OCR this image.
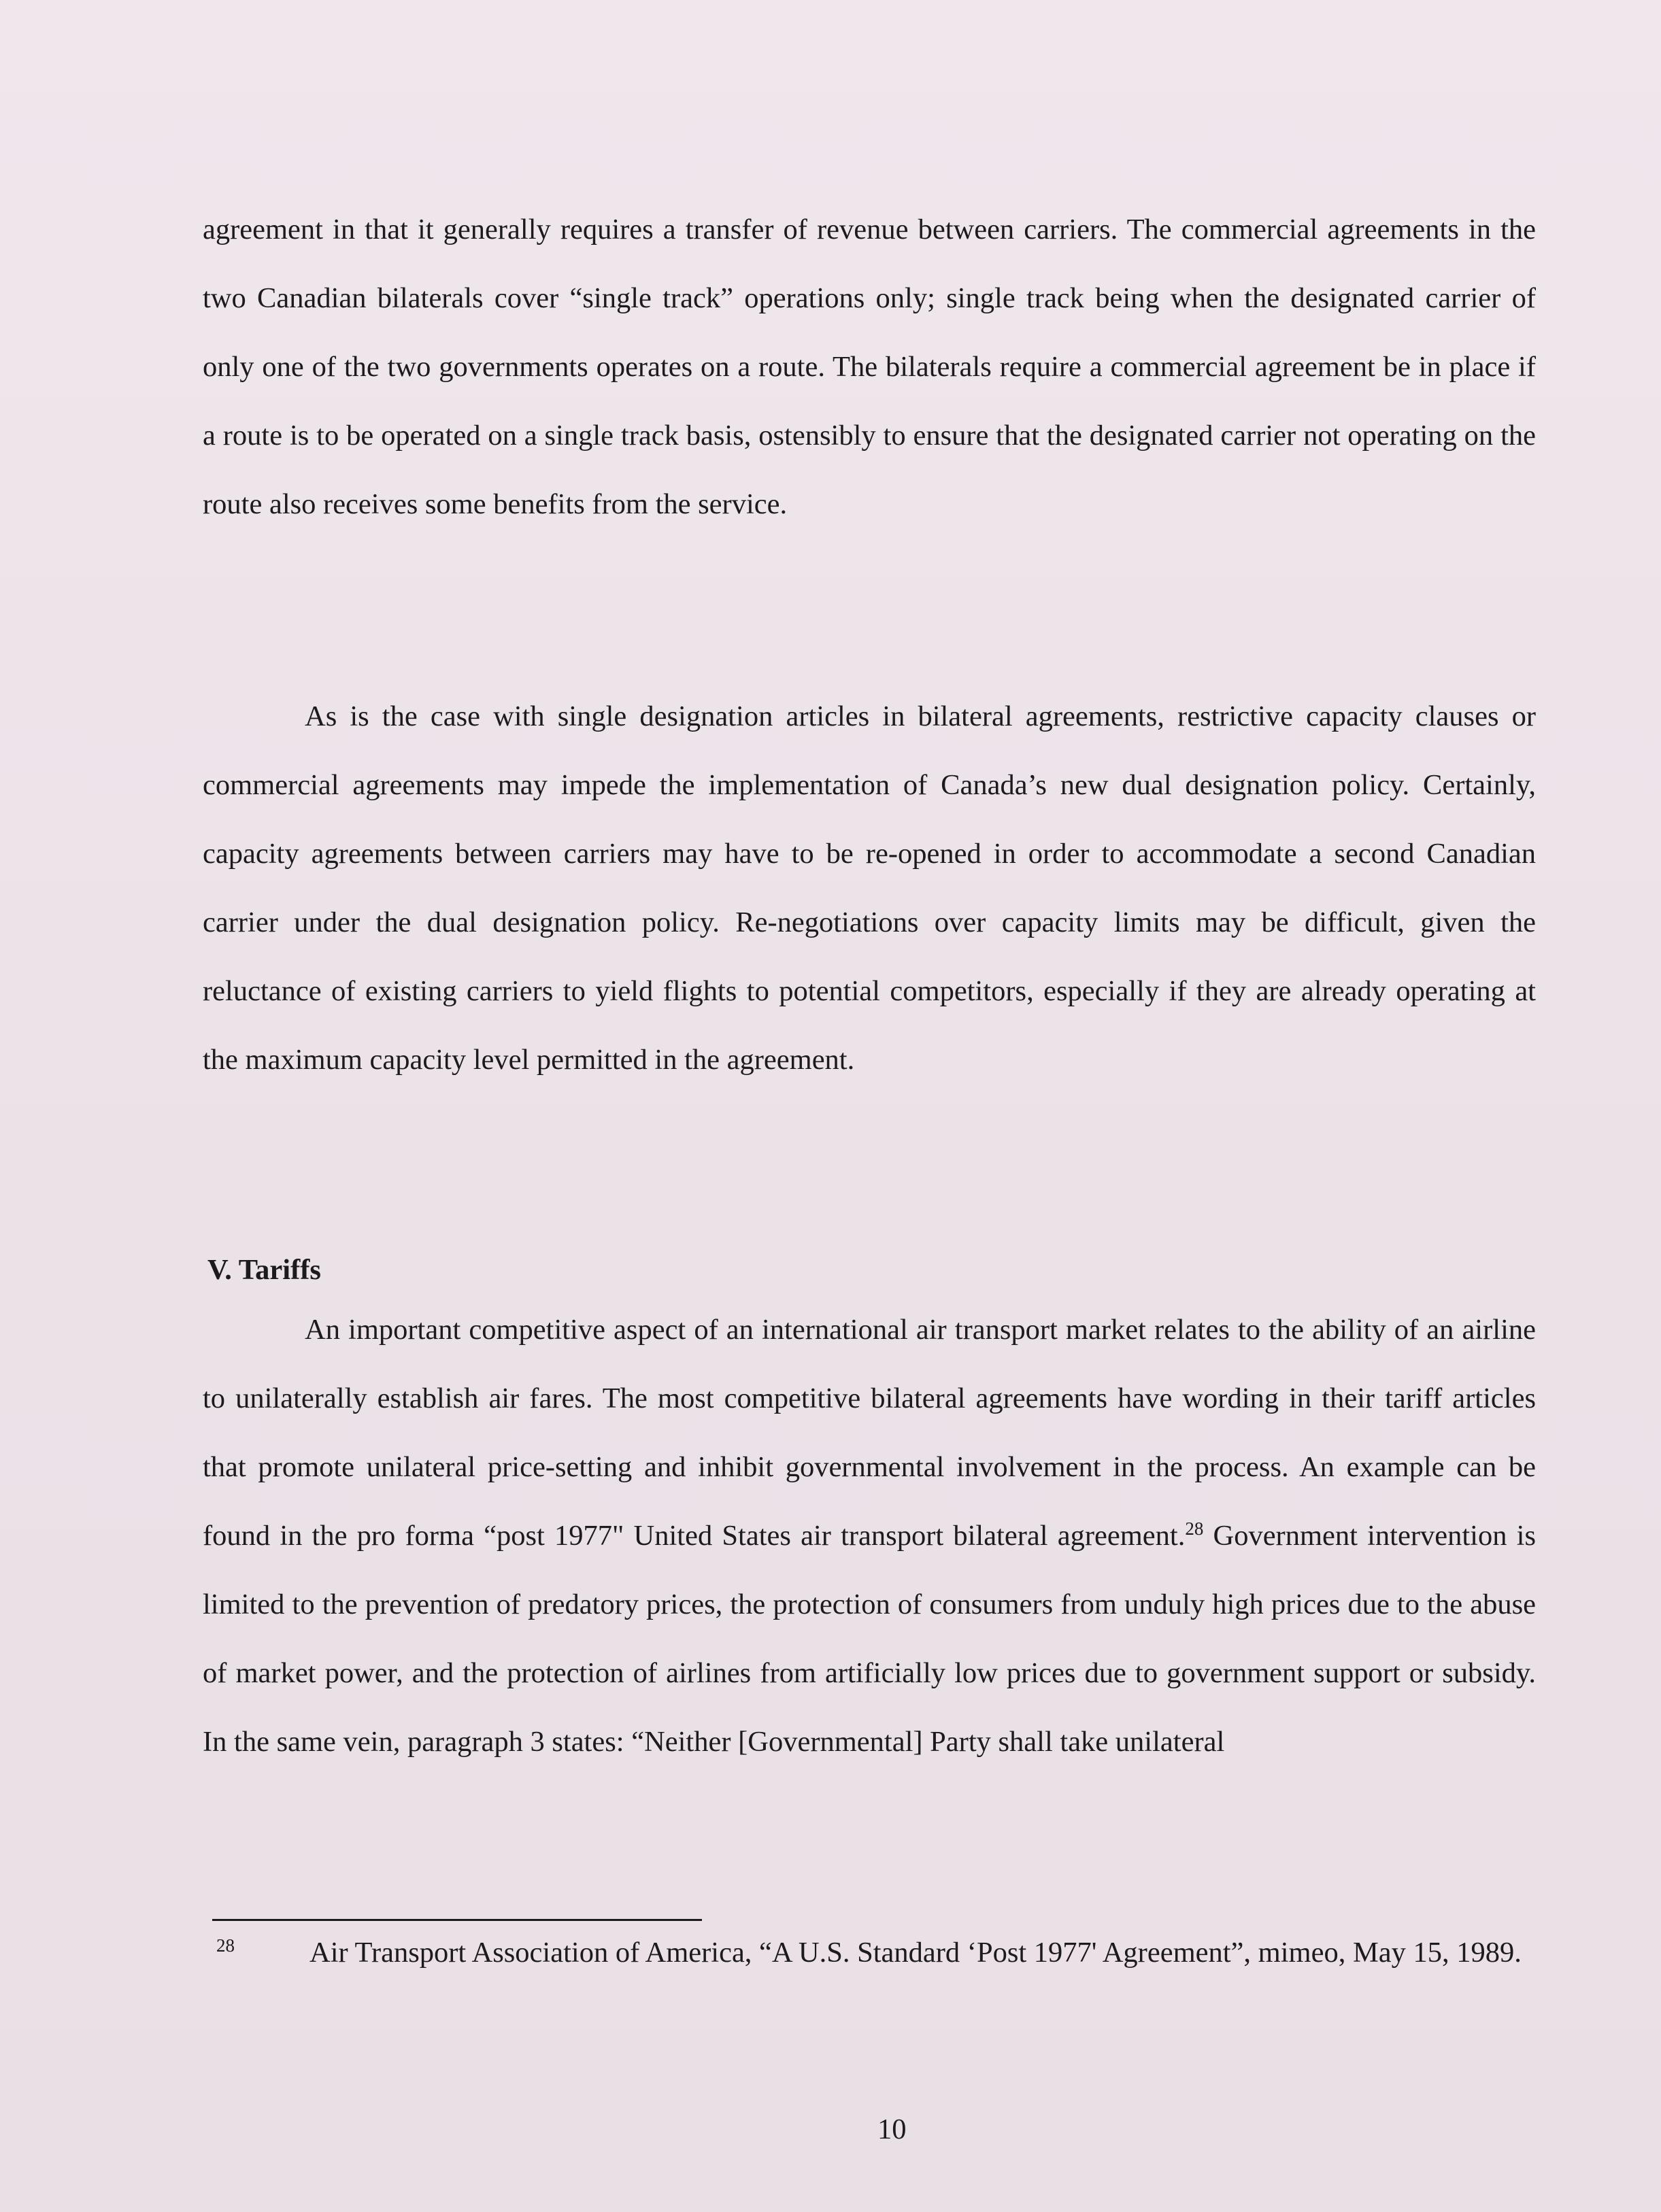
agreement in that it generally requires a transfer of revenue between carriers. The commercial agreements in the two Canadian bilaterals cover “single track” operations only; single track being when the designated carrier of only one of the two governments operates on a route. The bilaterals require a commercial agreement be in place if a route is to be operated on a single track basis, ostensibly to ensure that the designated carrier not operating on the route also receives some benefits from the service.

As is the case with single designation articles in bilateral agreements, restrictive capacity clauses or commercial agreements may impede the implementation of Canada’s new dual designation policy. Certainly, capacity agreements between carriers may have to be re-opened in order to accommodate a second Canadian carrier under the dual designation policy. Re-negotiations over capacity limits may be difficult, given the reluctance of existing carriers to yield flights to potential competitors, especially if they are already operating at the maximum capacity level permitted in the agreement.

V. Tariffs

An important competitive aspect of an international air transport market relates to the ability of an airline to unilaterally establish air fares. The most competitive bilateral agreements have wording in their tariff articles that promote unilateral price-setting and inhibit governmental involvement in the process. An example can be found in the pro forma “post 1977" United States air transport bilateral agreement.$^{28}$ Government intervention is limited to the prevention of predatory prices, the protection of consumers from unduly high prices due to the abuse of market power, and the protection of airlines from artificially low prices due to government support or subsidy. In the same vein, paragraph 3 states: “Neither [Governmental] Party shall take unilateral

$^{28}$	Air Transport Association of America, “A U.S. Standard ‘Post 1977' Agreement”, mimeo, May 15, 1989.
10
